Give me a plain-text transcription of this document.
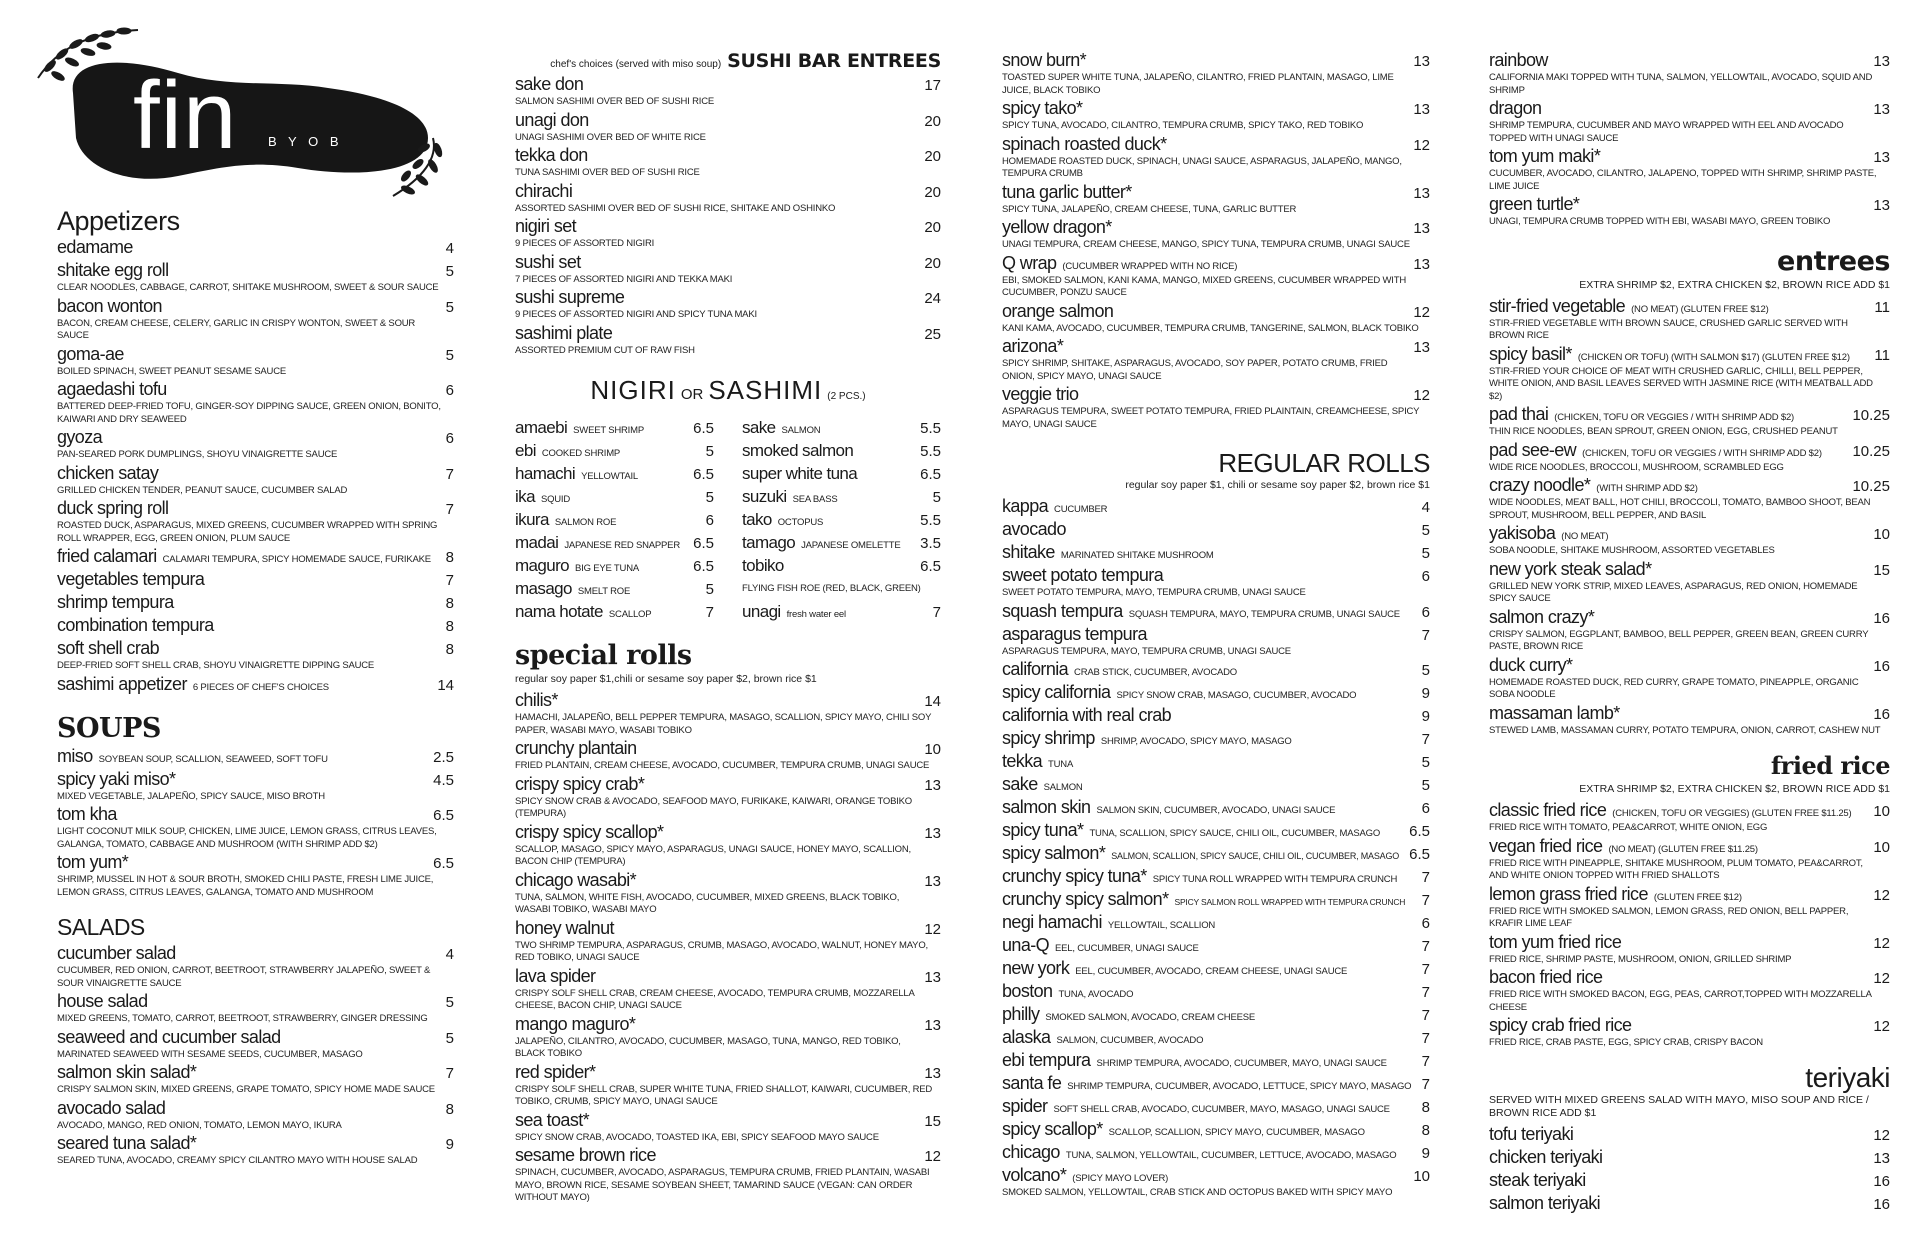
fin B Y O B
Appetizers
edamame	4
shitake egg roll	5
CLEAR NOODLES, CABBAGE, CARROT, SHITAKE MUSHROOM, SWEET & SOUR SAUCE
bacon wonton	5
BACON, CREAM CHEESE, CELERY, GARLIC IN CRISPY WONTON, SWEET & SOUR SAUCE
goma-ae	5
BOILED SPINACH, SWEET PEANUT SESAME SAUCE
agaedashi tofu	6
BATTERED DEEP-FRIED TOFU, GINGER-SOY DIPPING SAUCE, GREEN ONION, BONITO, KAIWARI AND DRY SEAWEED
gyoza	6
PAN-SEARED PORK DUMPLINGS, SHOYU VINAIGRETTE SAUCE
chicken satay	7
GRILLED CHICKEN TENDER, PEANUT SAUCE, CUCUMBER SALAD
duck spring roll	7
ROASTED DUCK, ASPARAGUS, MIXED GREENS, CUCUMBER WRAPPED WITH SPRING ROLL WRAPPER, EGG, GREEN ONION, PLUM SAUCE
fried calamari CALAMARI TEMPURA, SPICY HOMEMADE SAUCE, FURIKAKE 8
vegetables tempura	7
shrimp tempura	8
combination tempura	8
soft shell crab	8
DEEP-FRIED SOFT SHELL CRAB, SHOYU VINAIGRETTE DIPPING SAUCE
sashimi appetizer 6 PIECES OF CHEF'S CHOICES	14
SOUPS
miso SOYBEAN SOUP, SCALLION, SEAWEED, SOFT TOFU	2.5
spicy yaki miso*	4.5
MIXED VEGETABLE, JALAPEÑO, SPICY SAUCE, MISO BROTH
tom kha	6.5
LIGHT COCONUT MILK SOUP, CHICKEN, LIME JUICE, LEMON GRASS, CITRUS LEAVES, GALANGA, TOMATO, CABBAGE AND MUSHROOM (WITH SHRIMP ADD $2)
tom yum*	6.5
SHRIMP, MUSSEL IN HOT & SOUR BROTH, SMOKED CHILI PASTE, FRESH LIME JUICE, LEMON GRASS, CITRUS LEAVES, GALANGA, TOMATO AND MUSHROOM
SALADS
cucumber salad	4
CUCUMBER, RED ONION, CARROT, BEETROOT, STRAWBERRY JALAPEÑO, SWEET & SOUR VINAIGRETTE SAUCE
house salad	5
MIXED GREENS, TOMATO, CARROT, BEETROOT, STRAWBERRY, GINGER DRESSING
seaweed and cucumber salad	5
MARINATED SEAWEED WITH SESAME SEEDS, CUCUMBER, MASAGO
salmon skin salad*	7
CRISPY SALMON SKIN, MIXED GREENS, GRAPE TOMATO, SPICY HOME MADE SAUCE
avocado salad	8
AVOCADO, MANGO, RED ONION, TOMATO, LEMON MAYO, IKURA
seared tuna salad*	9
SEARED TUNA, AVOCADO, CREAMY SPICY CILANTRO MAYO WITH HOUSE SALAD
chef's choices (served with miso soup) SUSHI BAR ENTREES
sake don	17
SALMON SASHIMI OVER BED OF SUSHI RICE
unagi don	20
UNAGI SASHIMI OVER BED OF WHITE RICE
tekka don	20
TUNA SASHIMI OVER BED OF SUSHI RICE
chirachi	20
ASSORTED SASHIMI OVER BED OF SUSHI RICE, SHITAKE AND OSHINKO
nigiri set	20
9 PIECES OF ASSORTED NIGIRI
sushi set	20
7 PIECES OF ASSORTED NIGIRI AND TEKKA MAKI
sushi supreme	24
9 PIECES OF ASSORTED NIGIRI AND SPICY TUNA MAKI
sashimi plate	25
ASSORTED PREMIUM CUT OF RAW FISH
NIGIRI OR SASHIMI (2 PCS.)
amaebi SWEET SHRIMP	6.5
ebi COOKED SHRIMP	5
hamachi YELLOWTAIL	6.5
ika SQUID	5
ikura SALMON ROE	6
madai JAPANESE RED SNAPPER 6.5
maguro BIG EYE TUNA	6.5
masago SMELT ROE	5
nama hotate SCALLOP	7
sake SALMON	5.5
smoked salmon	5.5
super white tuna	6.5
suzuki SEA BASS	5
tako OCTOPUS	5.5
tamago JAPANESE OMELETTE	3.5
tobiko	6.5
FLYING FISH ROE (RED, BLACK, GREEN)
unagi fresh water eel	7
special rolls
regular soy paper $1,chili or sesame soy paper $2, brown rice $1
chilis*	14
HAMACHI, JALAPEÑO, BELL PEPPER TEMPURA, MASAGO, SCALLION, SPICY MAYO, CHILI SOY PAPER, WASABI MAYO, WASABI TOBIKO
crunchy plantain	10
FRIED PLANTAIN, CREAM CHEESE, AVOCADO, CUCUMBER, TEMPURA CRUMB, UNAGI SAUCE
crispy spicy crab*	13
SPICY SNOW CRAB & AVOCADO, SEAFOOD MAYO, FURIKAKE, KAIWARI, ORANGE TOBIKO (TEMPURA)
crispy spicy scallop*	13
SCALLOP, MASAGO, SPICY MAYO, ASPARAGUS, UNAGI SAUCE, HONEY MAYO, SCALLION, BACON CHIP (TEMPURA)
chicago wasabi*	13
TUNA, SALMON, WHITE FISH, AVOCADO, CUCUMBER, MIXED GREENS, BLACK TOBIKO, WASABI TOBIKO, WASABI MAYO
honey walnut	12
TWO SHRIMP TEMPURA, ASPARAGUS, CRUMB, MASAGO, AVOCADO, WALNUT, HONEY MAYO, RED TOBIKO, UNAGI SAUCE
lava spider	13
CRISPY SOLF SHELL CRAB, CREAM CHEESE, AVOCADO, TEMPURA CRUMB, MOZZARELLA CHEESE, BACON CHIP, UNAGI SAUCE
mango maguro*	13
JALAPEÑO, CILANTRO, AVOCADO, CUCUMBER, MASAGO, TUNA, MANGO, RED TOBIKO, BLACK TOBIKO
red spider*	13
CRISPY SOLF SHELL CRAB, SUPER WHITE TUNA, FRIED SHALLOT, KAIWARI, CUCUMBER, RED TOBIKO, CRUMB, SPICY MAYO, UNAGI SAUCE
sea toast*	15
SPICY SNOW CRAB, AVOCADO, TOASTED IKA, EBI, SPICY SEAFOOD MAYO SAUCE
sesame brown rice	12
SPINACH, CUCUMBER, AVOCADO, ASPARAGUS, TEMPURA CRUMB, FRIED PLANTAIN, WASABI MAYO, BROWN RICE, SESAME SOYBEAN SHEET, TAMARIND SAUCE (VEGAN: CAN ORDER WITHOUT MAYO)
snow burn*	13
TOASTED SUPER WHITE TUNA, JALAPEÑO, CILANTRO, FRIED PLANTAIN, MASAGO, LIME JUICE, BLACK TOBIKO
spicy tako*	13
SPICY TUNA, AVOCADO, CILANTRO, TEMPURA CRUMB, SPICY TAKO, RED TOBIKO
spinach roasted duck*	12
HOMEMADE ROASTED DUCK, SPINACH, UNAGI SAUCE, ASPARAGUS, JALAPEÑO, MANGO, TEMPURA CRUMB
tuna garlic butter*	13
SPICY TUNA, JALAPEÑO, CREAM CHEESE, TUNA, GARLIC BUTTER
yellow dragon*	13
UNAGI TEMPURA, CREAM CHEESE, MANGO, SPICY TUNA, TEMPURA CRUMB, UNAGI SAUCE
Q wrap (CUCUMBER WRAPPED WITH NO RICE)	13
EBI, SMOKED SALMON, KANI KAMA, MANGO, MIXED GREENS, CUCUMBER WRAPPED WITH CUCUMBER, PONZU SAUCE
orange salmon	12
KANI KAMA, AVOCADO, CUCUMBER, TEMPURA CRUMB, TANGERINE, SALMON, BLACK TOBIKO
arizona*	13
SPICY SHRIMP, SHITAKE, ASPARAGUS, AVOCADO, SOY PAPER, POTATO CRUMB, FRIED ONION, SPICY MAYO, UNAGI SAUCE
veggie trio	12
ASPARAGUS TEMPURA, SWEET POTATO TEMPURA, FRIED PLAINTAIN, CREAMCHEESE, SPICY MAYO, UNAGI SAUCE
REGULAR ROLLS
regular soy paper $1, chili or sesame soy paper $2, brown rice $1
kappa CUCUMBER	4
avocado	5
shitake MARINATED SHITAKE MUSHROOM	5
sweet potato tempura	6
SWEET POTATO TEMPURA, MAYO, TEMPURA CRUMB, UNAGI SAUCE
squash tempura SQUASH TEMPURA, MAYO, TEMPURA CRUMB, UNAGI SAUCE	6
asparagus tempura	7
ASPARAGUS TEMPURA, MAYO, TEMPURA CRUMB, UNAGI SAUCE
california CRAB STICK, CUCUMBER, AVOCADO	5
spicy california SPICY SNOW CRAB, MASAGO, CUCUMBER, AVOCADO	9
california with real crab	9
spicy shrimp SHRIMP, AVOCADO, SPICY MAYO, MASAGO	7
tekka TUNA	5
sake SALMON	5
salmon skin SALMON SKIN, CUCUMBER, AVOCADO, UNAGI SAUCE	6
spicy tuna* TUNA, SCALLION, SPICY SAUCE, CHILI OIL, CUCUMBER, MASAGO	6.5
spicy salmon* SALMON, SCALLION, SPICY SAUCE, CHILI OIL, CUCUMBER, MASAGO 6.5
crunchy spicy tuna* SPICY TUNA ROLL WRAPPED WITH TEMPURA CRUNCH	7
crunchy spicy salmon* SPICY SALMON ROLL WRAPPED WITH TEMPURA CRUNCH	7
negi hamachi YELLOWTAIL, SCALLION	6
una-Q EEL, CUCUMBER, UNAGI SAUCE	7
new york EEL, CUCUMBER, AVOCADO, CREAM CHEESE, UNAGI SAUCE	7
boston TUNA, AVOCADO	7
philly SMOKED SALMON, AVOCADO, CREAM CHEESE	7
alaska SALMON, CUCUMBER, AVOCADO	7
ebi tempura SHRIMP TEMPURA, AVOCADO, CUCUMBER, MAYO, UNAGI SAUCE	7
santa fe SHRIMP TEMPURA, CUCUMBER, AVOCADO, LETTUCE, SPICY MAYO, MASAGO 7
spider SOFT SHELL CRAB, AVOCADO, CUCUMBER, MAYO, MASAGO, UNAGI SAUCE	8
spicy scallop* SCALLOP, SCALLION, SPICY MAYO, CUCUMBER, MASAGO	8
chicago TUNA, SALMON, YELLOWTAIL, CUCUMBER, LETTUCE, AVOCADO, MASAGO	9
volcano* (SPICY MAYO LOVER)	10
SMOKED SALMON, YELLOWTAIL, CRAB STICK AND OCTOPUS BAKED WITH SPICY MAYO
rainbow	13
CALIFORNIA MAKI TOPPED WITH TUNA, SALMON, YELLOWTAIL, AVOCADO, SQUID AND SHRIMP
dragon	13
SHRIMP TEMPURA, CUCUMBER AND MAYO WRAPPED WITH EEL AND AVOCADO TOPPED WITH UNAGI SAUCE
tom yum maki*	13
CUCUMBER, AVOCADO, CILANTRO, JALAPENO, TOPPED WITH SHRIMP, SHRIMP PASTE, LIME JUICE
green turtle*	13
UNAGI, TEMPURA CRUMB TOPPED WITH EBI, WASABI MAYO, GREEN TOBIKO
entrees
EXTRA SHRIMP $2, EXTRA CHICKEN $2, BROWN RICE ADD $1
stir-fried vegetable (NO MEAT) (GLUTEN FREE $12)	11
STIR-FRIED VEGETABLE WITH BROWN SAUCE, CRUSHED GARLIC SERVED WITH BROWN RICE
spicy basil* (CHICKEN OR TOFU) (WITH SALMON $17) (GLUTEN FREE $12)	11
STIR-FRIED YOUR CHOICE OF MEAT WITH CRUSHED GARLIC, CHILLI, BELL PEPPER, WHITE ONION, AND BASIL LEAVES SERVED WITH JASMINE RICE (WITH MEATBALL ADD $2)
pad thai (CHICKEN, TOFU OR VEGGIES / WITH SHRIMP ADD $2)	10.25
THIN RICE NOODLES, BEAN SPROUT, GREEN ONION, EGG, CRUSHED PEANUT
pad see-ew (CHICKEN, TOFU OR VEGGIES / WITH SHRIMP ADD $2)	10.25
WIDE RICE NOODLES, BROCCOLI, MUSHROOM, SCRAMBLED EGG
crazy noodle* (WITH SHRIMP ADD $2)	10.25
WIDE NOODLES, MEAT BALL, HOT CHILI, BROCCOLI, TOMATO, BAMBOO SHOOT, BEAN SPROUT, MUSHROOM, BELL PEPPER, AND BASIL
yakisoba (NO MEAT)	10
SOBA NOODLE, SHITAKE MUSHROOM, ASSORTED VEGETABLES
new york steak salad*	15
GRILLED NEW YORK STRIP, MIXED LEAVES, ASPARAGUS, RED ONION, HOMEMADE SPICY SAUCE
salmon crazy*	16
CRISPY SALMON, EGGPLANT, BAMBOO, BELL PEPPER, GREEN BEAN, GREEN CURRY PASTE, BROWN RICE
duck curry*	16
HOMEMADE ROASTED DUCK, RED CURRY, GRAPE TOMATO, PINEAPPLE, ORGANIC SOBA NOODLE
massaman lamb*	16
STEWED LAMB, MASSAMAN CURRY, POTATO TEMPURA, ONION, CARROT, CASHEW NUT
fried rice
EXTRA SHRIMP $2, EXTRA CHICKEN $2, BROWN RICE ADD $1
classic fried rice (CHICKEN, TOFU OR VEGGIES) (GLUTEN FREE $11.25)	10
FRIED RICE WITH TOMATO, PEA&CARROT, WHITE ONION, EGG
vegan fried rice (NO MEAT) (GLUTEN FREE $11.25)	10
FRIED RICE WITH PINEAPPLE, SHITAKE MUSHROOM, PLUM TOMATO, PEA&CARROT, AND WHITE ONION TOPPED WITH FRIED SHALLOTS
lemon grass fried rice (GLUTEN FREE $12)	12
FRIED RICE WITH SMOKED SALMON, LEMON GRASS, RED ONION, BELL PAPPER, KRAFIR LIME LEAF
tom yum fried rice	12
FRIED RICE, SHRIMP PASTE, MUSHROOM, ONION, GRILLED SHRIMP
bacon fried rice	12
FRIED RICE WITH SMOKED BACON, EGG, PEAS, CARROT,TOPPED WITH MOZZARELLA CHEESE
spicy crab fried rice	12
FRIED RICE, CRAB PASTE, EGG, SPICY CRAB, CRISPY BACON
teriyaki
SERVED WITH MIXED GREENS SALAD WITH MAYO, MISO SOUP AND RICE / BROWN RICE ADD $1
tofu teriyaki	12
chicken teriyaki	13
steak teriyaki	16
salmon teriyaki	16
